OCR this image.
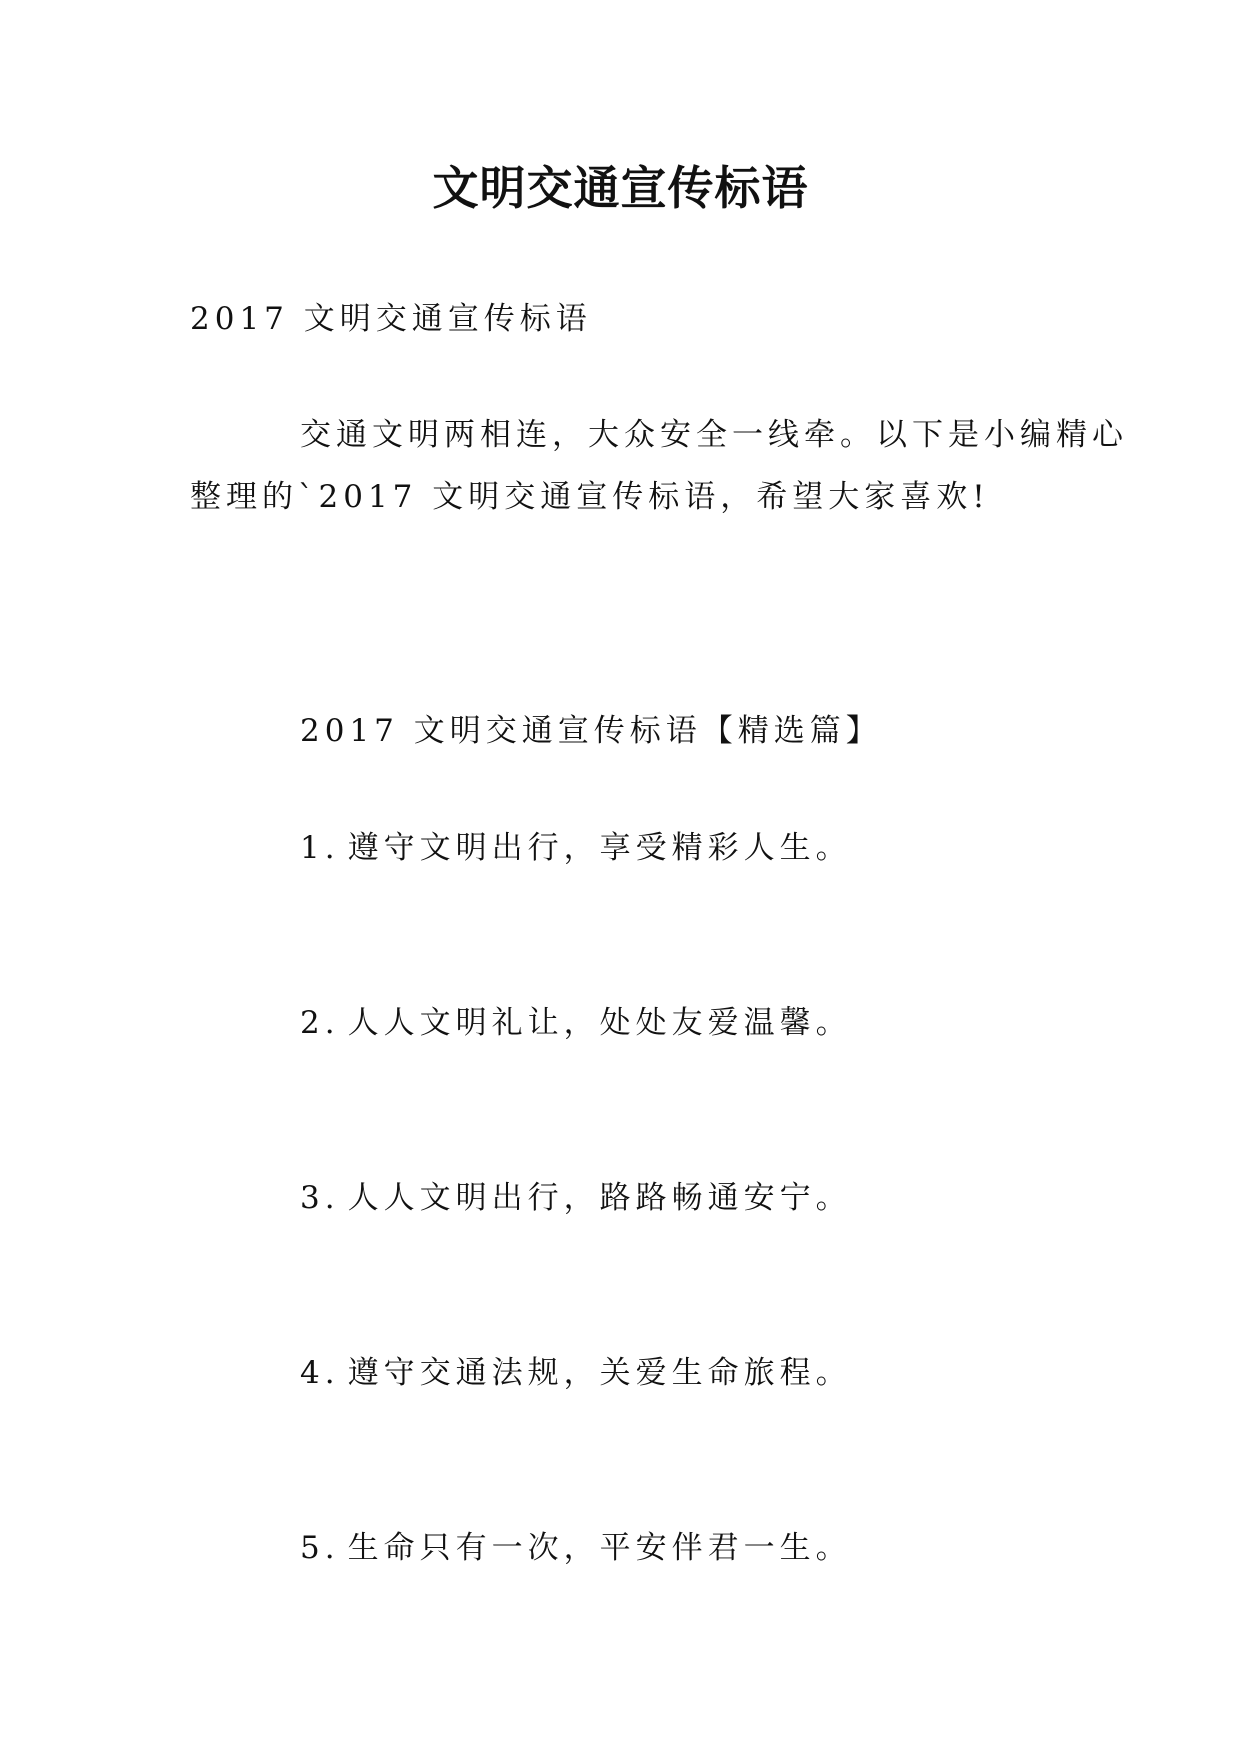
文明交通宣传标语
2017 文明交通宣传标语
交通文明两相连，大众安全一线牵。以下是小编精心
整理的`2017 文明交通宣传标语，希望大家喜欢!
2017 文明交通宣传标语【精选篇】
1. 遵守文明出行，享受精彩人生。
2. 人人文明礼让，处处友爱温馨。
3. 人人文明出行，路路畅通安宁。
4. 遵守交通法规，关爱生命旅程。
5. 生命只有一次，平安伴君一生。
